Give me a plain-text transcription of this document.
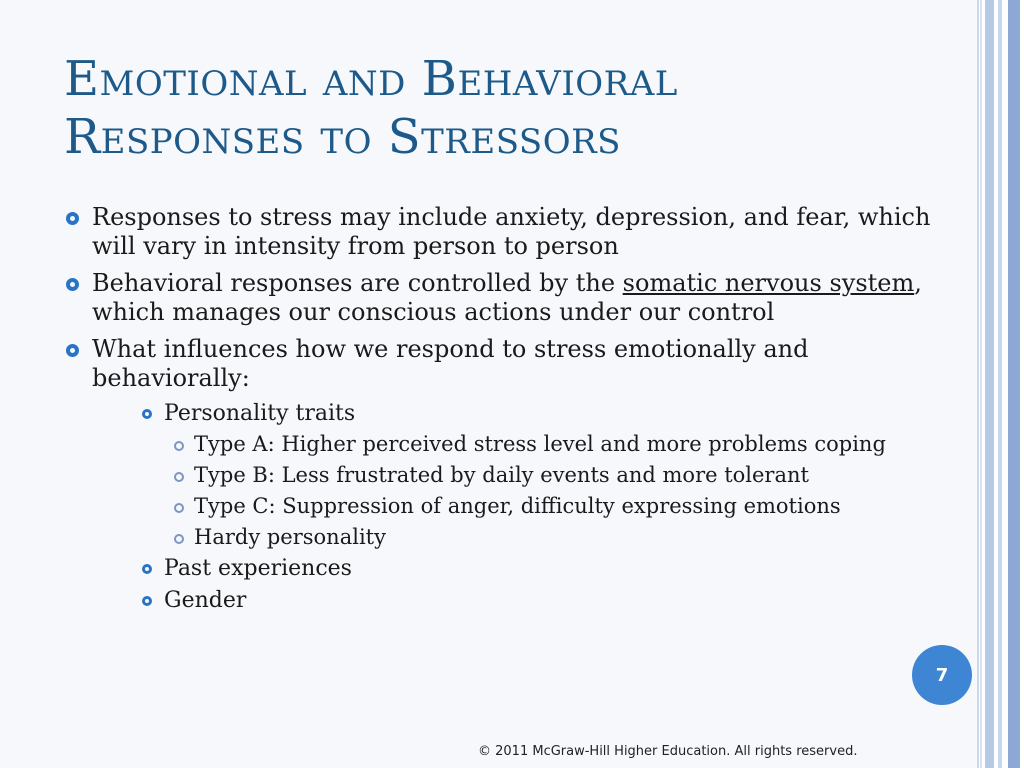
Emotional and Behavioral
Responses to Stressors
Responses to stress may include anxiety, depression, and fear, which will vary in intensity from person to person
Behavioral responses are controlled by the somatic nervous system, which manages our conscious actions under our control
What influences how we respond to stress emotionally and behaviorally:
Personality traits
Type A: Higher perceived stress level and more problems coping
Type B: Less frustrated by daily events and more tolerant
Type C: Suppression of anger, difficulty expressing emotions
Hardy personality
Past experiences
Gender
7
© 2011 McGraw-Hill Higher Education. All rights reserved.
